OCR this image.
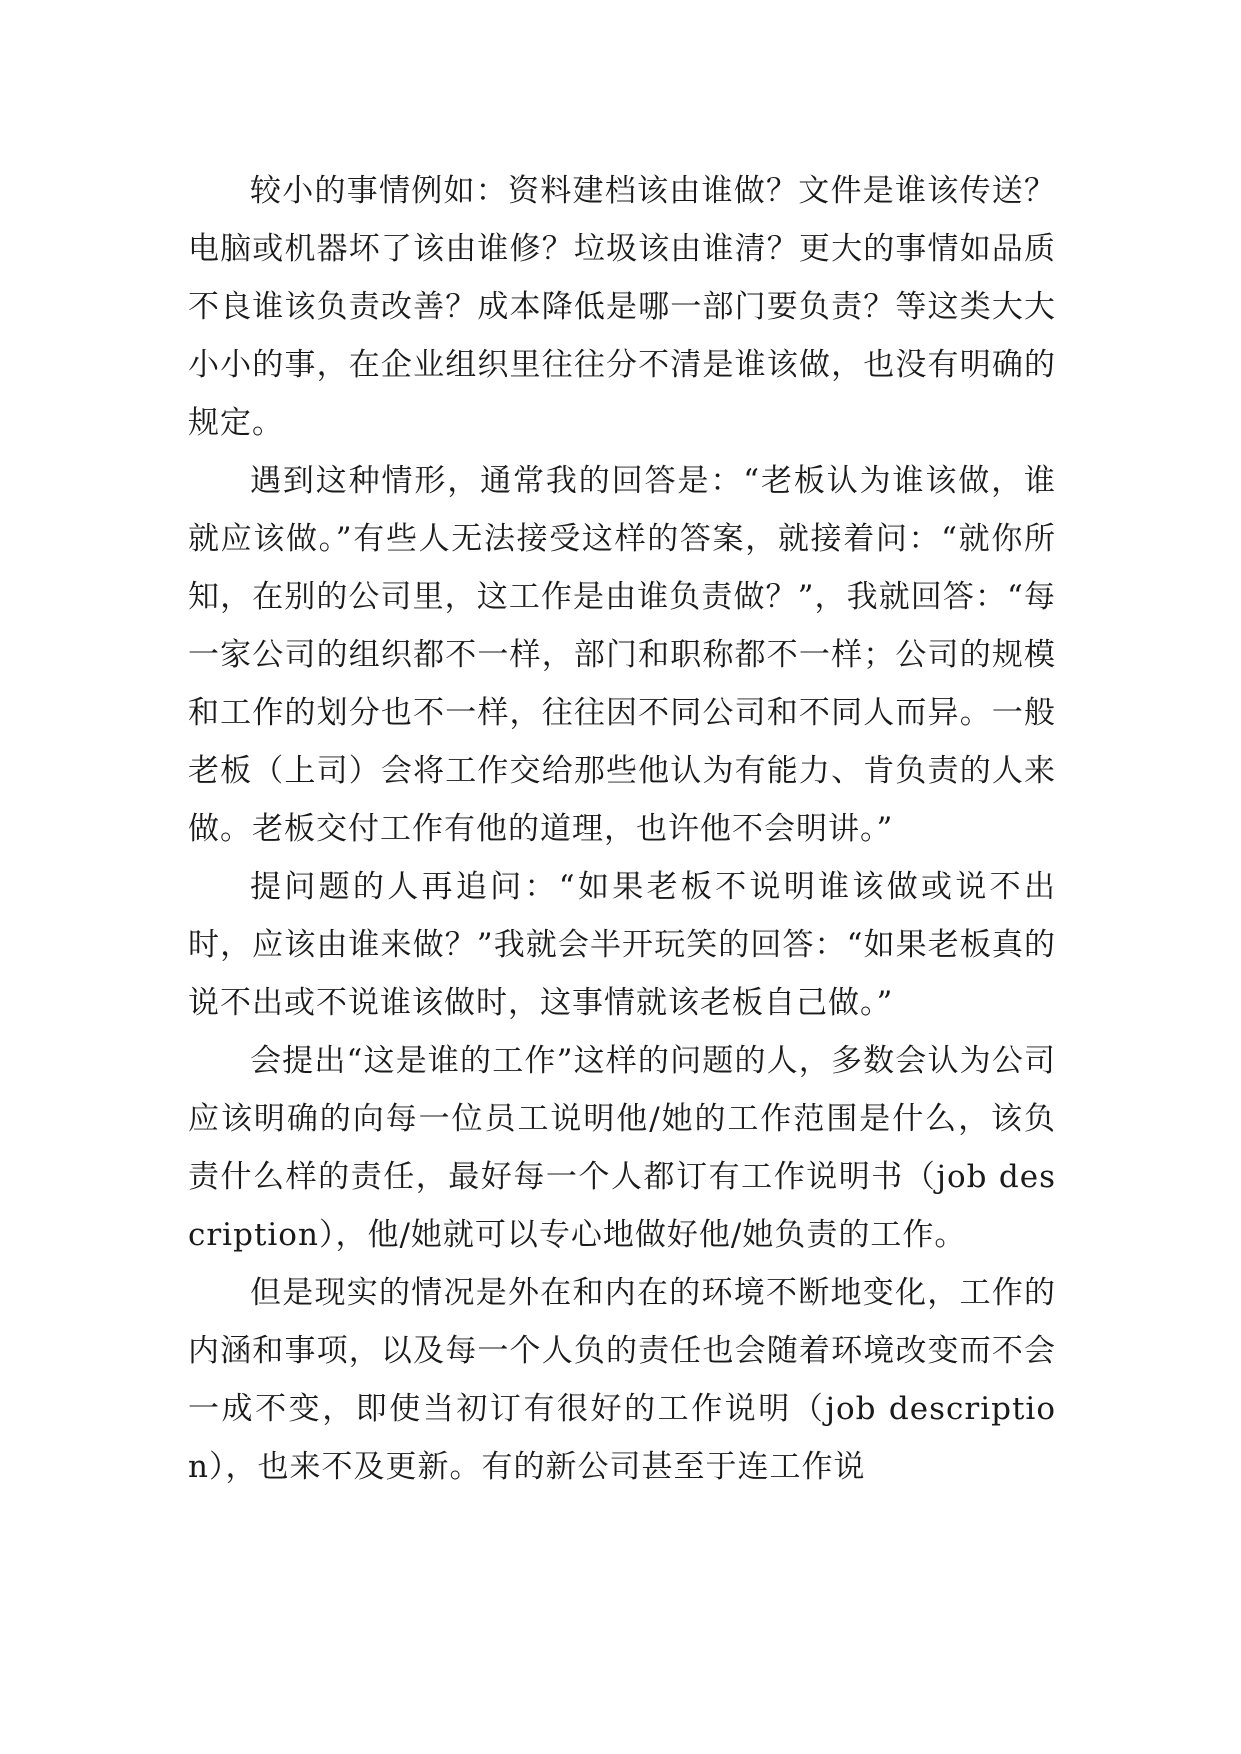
较小的事情例如：资料建档该由谁做？文件是谁该传送？电脑或机器坏了该由谁修？垃圾该由谁清？更大的事情如品质不良谁该负责改善？成本降低是哪一部门要负责？等这类大大小小的事，在企业组织里往往分不清是谁该做，也没有明确的规定。

遇到这种情形，通常我的回答是：“老板认为谁该做，谁就应该做。”有些人无法接受这样的答案，就接着问：“就你所知，在别的公司里，这工作是由谁负责做？”，我就回答：“每一家公司的组织都不一样，部门和职称都不一样；公司的规模和工作的划分也不一样，往往因不同公司和不同人而异。一般老板（上司）会将工作交给那些他认为有能力、肯负责的人来做。老板交付工作有他的道理，也许他不会明讲。”

提问题的人再追问：“如果老板不说明谁该做或说不出时，应该由谁来做？”我就会半开玩笑的回答：“如果老板真的说不出或不说谁该做时，这事情就该老板自己做。”

会提出“这是谁的工作”这样的问题的人，多数会认为公司应该明确的向每一位员工说明他/她的工作范围是什么，该负责什么样的责任，最好每一个人都订有工作说明书（job description），他/她就可以专心地做好他/她负责的工作。

但是现实的情况是外在和内在的环境不断地变化，工作的内涵和事项，以及每一个人负的责任也会随着环境改变而不会一成不变，即使当初订有很好的工作说明（job description），也来不及更新。有的新公司甚至于连工作说
